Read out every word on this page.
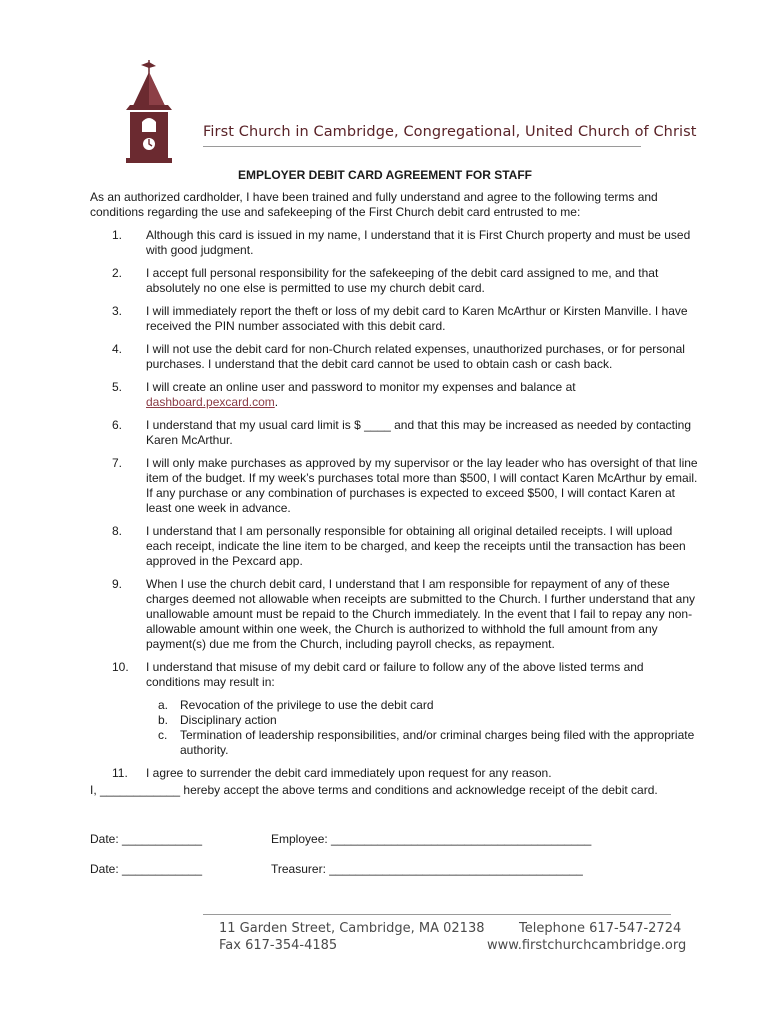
First Church in Cambridge, Congregational, United Church of Christ
EMPLOYER DEBIT CARD AGREEMENT FOR STAFF
As an authorized cardholder, I have been trained and fully understand and agree to the following terms and conditions regarding the use and safekeeping of the First Church debit card entrusted to me:
1.	Although this card is issued in my name, I understand that it is First Church property and must be used with good judgment.
2.	I accept full personal responsibility for the safekeeping of the debit card assigned to me, and that absolutely no one else is permitted to use my church debit card.
3.	I will immediately report the theft or loss of my debit card to Karen McArthur or Kirsten Manville. I have received the PIN number associated with this debit card.
4.	I will not use the debit card for non-Church related expenses, unauthorized purchases, or for personal purchases. I understand that the debit card cannot be used to obtain cash or cash back.
5.	I will create an online user and password to monitor my expenses and balance at dashboard.pexcard.com.
6.	I understand that my usual card limit is $ ____ and that this may be increased as needed by contacting Karen McArthur.
7.	I will only make purchases as approved by my supervisor or the lay leader who has oversight of that line item of the budget. If my week’s purchases total more than $500, I will contact Karen McArthur by email. If any purchase or any combination of purchases is expected to exceed $500, I will contact Karen at least one week in advance.
8.	I understand that I am personally responsible for obtaining all original detailed receipts. I will upload each receipt, indicate the line item to be charged, and keep the receipts until the transaction has been approved in the Pexcard app.
9.	When I use the church debit card, I understand that I am responsible for repayment of any of these charges deemed not allowable when receipts are submitted to the Church. I further understand that any unallowable amount must be repaid to the Church immediately. In the event that I fail to repay any non-allowable amount within one week, the Church is authorized to withhold the full amount from any payment(s) due me from the Church, including payroll checks, as repayment.
10.	I understand that misuse of my debit card or failure to follow any of the above listed terms and conditions may result in:
a. Revocation of the privilege to use the debit card
b. Disciplinary action
c. Termination of leadership responsibilities, and/or criminal charges being filed with the appropriate authority.
11.	I agree to surrender the debit card immediately upon request for any reason.
I, ____________ hereby accept the above terms and conditions and acknowledge receipt of the debit card.
Date: ____________	Employee: _______________________________________
Date: ____________	Treasurer: ______________________________________
11 Garden Street, Cambridge, MA 02138
Fax 617-354-4185
Telephone 617-547-2724
www.firstchurchcambridge.org
